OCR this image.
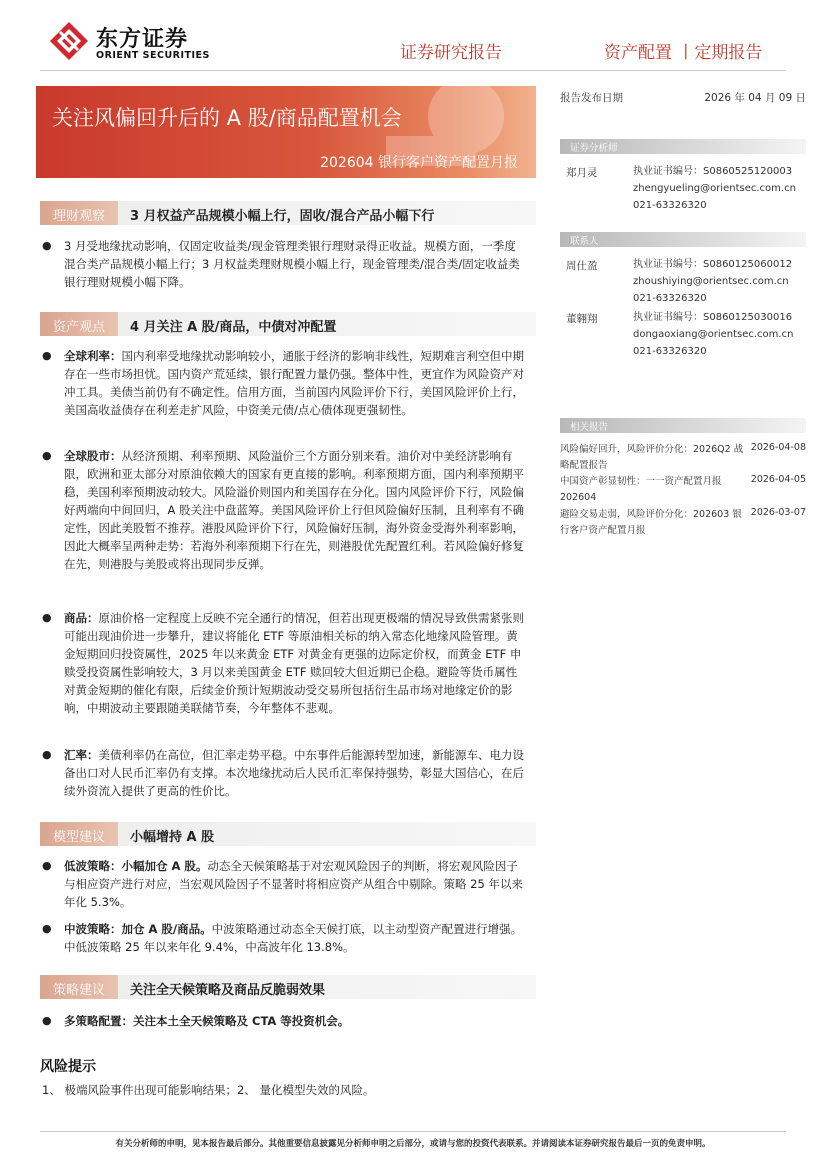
东方证券
ORIENT SECURITIES	证券研究报告	资产配置 丨定期报告
关注风偏回升后的 A 股/商品配置机会
202604 银行客户资产配置月报
报告发布日期	2026 年 04 月 09 日
证券分析师
郑月灵	执业证书编号：S0860525120003
zhengyueling@orientsec.com.cn
021-63326320
联系人
周仕盈	执业证书编号：S0860125060012
zhoushiying@orientsec.com.cn
021-63326320
董翱翔	执业证书编号：S0860125030016
dongaoxiang@orientsec.com.cn
021-63326320
相关报告
风险偏好回升，风险评价分化：2026Q2 战略配置报告
2026-04-08
中国资产彰显韧性：一一资产配置月报 202604
2026-04-05
避险交易走弱，风险评价分化：202603 银行客户资产配置月报
2026-03-07
理财观察	3 月权益产品规模小幅上行，固收/混合产品小幅下行
● 3 月受地缘扰动影响，仅固定收益类/现金管理类银行理财录得正收益。规模方面，一季度混合类产品规模小幅上行；3 月权益类理财规模小幅上行，现金管理类/混合类/固定收益类银行理财规模小幅下降。
资产观点	4 月关注 A 股/商品，中债对冲配置
● 全球利率：国内利率受地缘扰动影响较小，通胀于经济的影响非线性，短期难言利空但中期存在一些市场担忧。国内资产荒延续，银行配置力量仍强。整体中性，更宜作为风险资产对冲工具。美债当前仍有不确定性。信用方面，当前国内风险评价下行，美国风险评价上行，美国高收益债存在利差走扩风险，中资美元债/点心债体现更强韧性。
● 全球股市：从经济预期、利率预期、风险溢价三个方面分别来看。油价对中美经济影响有限，欧洲和亚太部分对原油依赖大的国家有更直接的影响。利率预期方面，国内利率预期平稳，美国利率预期波动较大。风险溢价则国内和美国存在分化。国内风险评价下行，风险偏好两端向中间回归，A 股关注中盘蓝筹。美国风险评价上行但风险偏好压制，且利率有不确定性，因此美股暂不推荐。港股风险评价下行，风险偏好压制，海外资金受海外利率影响，因此大概率呈两种走势：若海外利率预期下行在先，则港股优先配置红利。若风险偏好修复在先，则港股与美股或将出现同步反弹。
● 商品：原油价格一定程度上反映不完全通行的情况，但若出现更极端的情况导致供需紧张则可能出现油价进一步攀升，建议将能化 ETF 等原油相关标的纳入常态化地缘风险管理。黄金短期回归投资属性，2025 年以来黄金 ETF 对黄金有更强的边际定价权，而黄金 ETF 申赎受投资属性影响较大，3 月以来美国黄金 ETF 赎回较大但近期已企稳。避险等货币属性对黄金短期的催化有限，后续金价预计短期波动受交易所包括衍生品市场对地缘定价的影响，中期波动主要跟随美联储节奏，今年整体不悲观。
● 汇率：美债利率仍在高位，但汇率走势平稳。中东事件后能源转型加速，新能源车、电力设备出口对人民币汇率仍有支撑。本次地缘扰动后人民币汇率保持强势，彰显大国信心，在后续外资流入提供了更高的性价比。
模型建议	小幅增持 A 股
● 低波策略：小幅加仓 A 股。动态全天候策略基于对宏观风险因子的判断，将宏观风险因子与相应资产进行对应，当宏观风险因子不显著时将相应资产从组合中剔除。策略 25 年以来年化 5.3%。
● 中波策略：加仓 A 股/商品。中波策略通过动态全天候打底，以主动型资产配置进行增强。中低波策略 25 年以来年化 9.4%，中高波年化 13.8%。
策略建议	关注全天候策略及商品反脆弱效果
● 多策略配置：关注本土全天候策略及 CTA 等投资机会。
风险提示
1、 极端风险事件出现可能影响结果；2、 量化模型失效的风险。
有关分析师的申明，见本报告最后部分。其他重要信息披露见分析师申明之后部分，或请与您的投资代表联系。并请阅读本证券研究报告最后一页的免责申明。
